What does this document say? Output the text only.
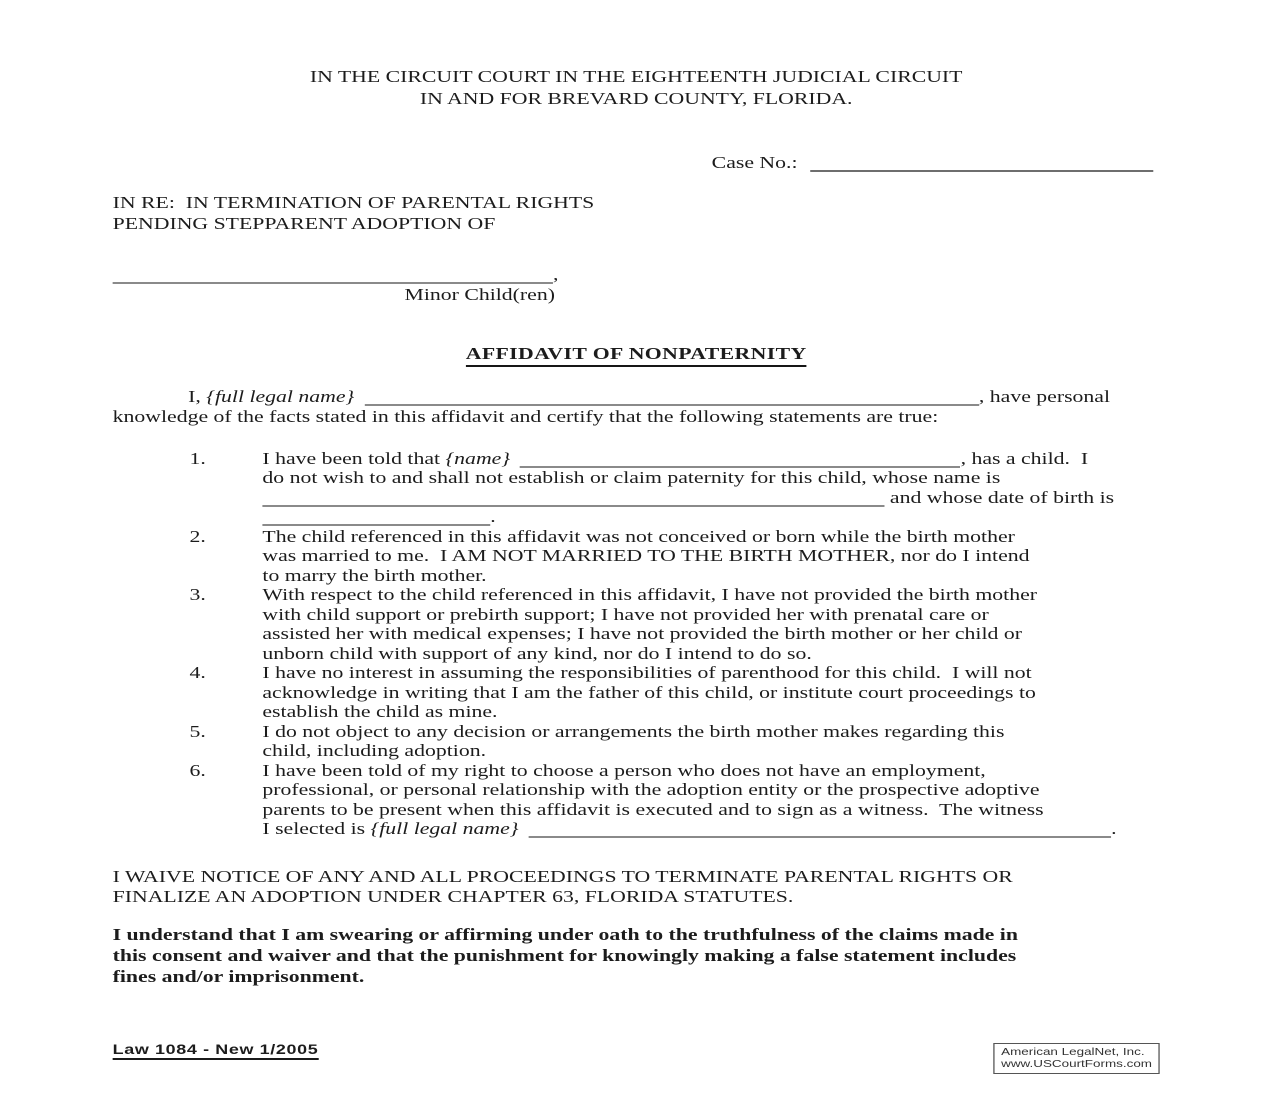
IN THE CIRCUIT COURT IN THE EIGHTEENTH JUDICIAL CIRCUIT
IN AND FOR BREVARD COUNTY, FLORIDA.
Case No.:
IN RE:  IN TERMINATION OF PARENTAL RIGHTS
PENDING STEPPARENT ADOPTION OF
,
Minor Child(ren)
AFFIDAVIT OF NONPATERNITY
I, {full legal name}	, have personal
knowledge of the facts stated in this affidavit and certify that the following statements are true:
1.	I have been told that {name}	, has a child.  I
do not wish to and shall not establish or claim paternity for this child, whose name is
and whose date of birth is
.
2.	The child referenced in this affidavit was not conceived or born while the birth mother
was married to me.  I AM NOT MARRIED TO THE BIRTH MOTHER, nor do I intend
to marry the birth mother.
3.	With respect to the child referenced in this affidavit, I have not provided the birth mother
with child support or prebirth support; I have not provided her with prenatal care or
assisted her with medical expenses; I have not provided the birth mother or her child or
unborn child with support of any kind, nor do I intend to do so.
4.	I have no interest in assuming the responsibilities of parenthood for this child.  I will not
acknowledge in writing that I am the father of this child, or institute court proceedings to
establish the child as mine.
5.	I do not object to any decision or arrangements the birth mother makes regarding this
child, including adoption.
6.	I have been told of my right to choose a person who does not have an employment,
professional, or personal relationship with the adoption entity or the prospective adoptive
parents to be present when this affidavit is executed and to sign as a witness.  The witness
I selected is {full legal name}	.
I WAIVE NOTICE OF ANY AND ALL PROCEEDINGS TO TERMINATE PARENTAL RIGHTS OR
FINALIZE AN ADOPTION UNDER CHAPTER 63, FLORIDA STATUTES.
I understand that I am swearing or affirming under oath to the truthfulness of the claims made in
this consent and waiver and that the punishment for knowingly making a false statement includes
fines and/or imprisonment.
Law 1084 - New 1/2005	American LegalNet, Inc.
www.USCourtForms.com
